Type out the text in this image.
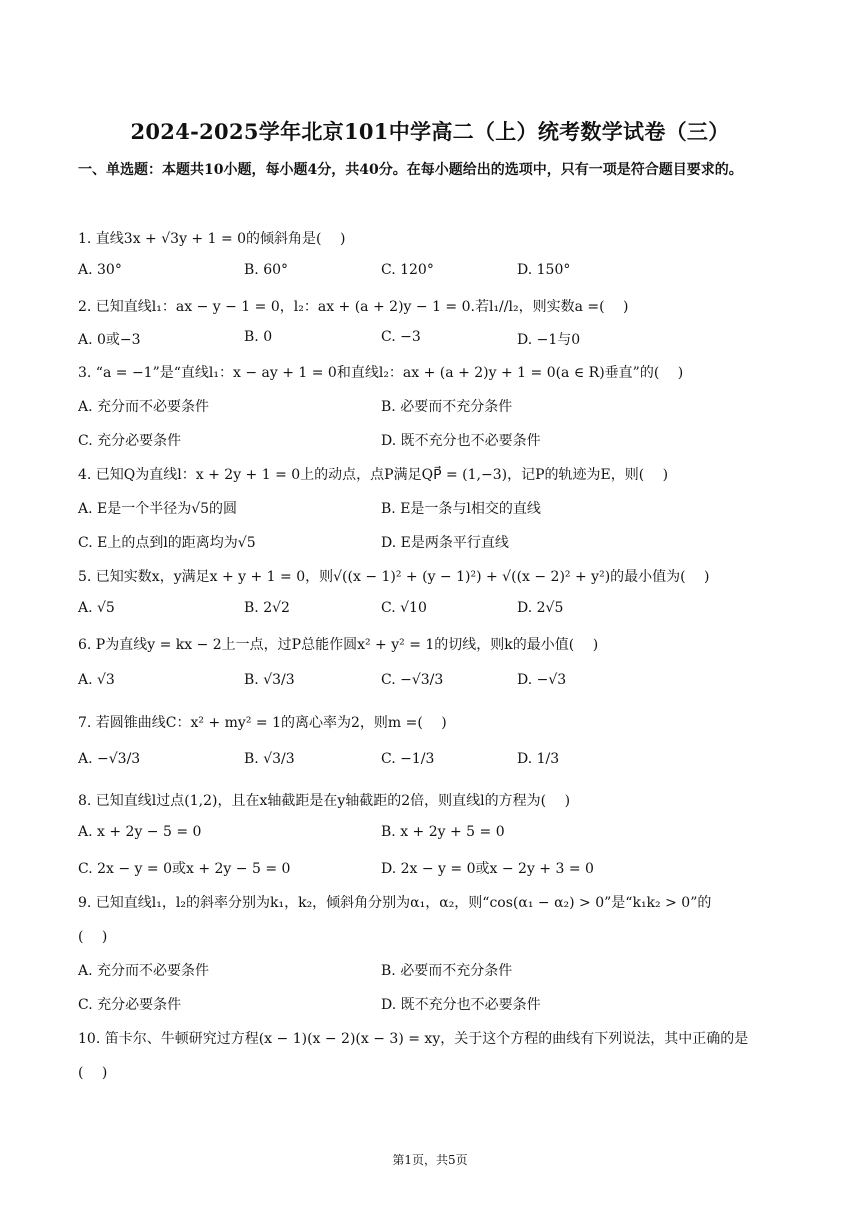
2024-2025学年北京101中学高二（上）统考数学试卷（三）
一、单选题：本题共10小题，每小题4分，共40分。在每小题给出的选项中，只有一项是符合题目要求的。
1. 直线3x + √3y + 1 = 0的倾斜角是(　 )
A. 30°	B. 60°	C. 120°	D. 150°
2. 已知直线l₁：ax − y − 1 = 0，l₂：ax + (a + 2)y − 1 = 0.若l₁//l₂，则实数a =(　 )
A. 0或−3	B. 0	C. −3	D. −1与0
3. “a = −1”是“直线l₁：x − ay + 1 = 0和直线l₂：ax + (a + 2)y + 1 = 0(a ∈ R)垂直”的(　 )
A. 充分而不必要条件	B. 必要而不充分条件
C. 充分必要条件	D. 既不充分也不必要条件
4. 已知Q为直线l：x + 2y + 1 = 0上的动点，点P满足QP⃗ = (1,−3)，记P的轨迹为E，则(　 )
A. E是一个半径为√5的圆	B. E是一条与l相交的直线
C. E上的点到l的距离均为√5	D. E是两条平行直线
5. 已知实数x，y满足x + y + 1 = 0，则√((x − 1)² + (y − 1)²) + √((x − 2)² + y²)的最小值为(　 )
A. √5	B. 2√2	C. √10	D. 2√5
6. P为直线y = kx − 2上一点，过P总能作圆x² + y² = 1的切线，则k的最小值(　 )
A. √3	B. √3/3	C. −√3/3	D. −√3
7. 若圆锥曲线C：x² + my² = 1的离心率为2，则m =(　 )
A. −√3/3	B. √3/3	C. −1/3	D. 1/3
8. 已知直线l过点(1,2)，且在x轴截距是在y轴截距的2倍，则直线l的方程为(　 )
A. x + 2y − 5 = 0	B. x + 2y + 5 = 0
C. 2x − y = 0或x + 2y − 5 = 0	D. 2x − y = 0或x − 2y + 3 = 0
9. 已知直线l₁，l₂的斜率分别为k₁，k₂，倾斜角分别为α₁，α₂，则“cos(α₁ − α₂) > 0”是“k₁k₂ > 0”的
(　 )
A. 充分而不必要条件	B. 必要而不充分条件
C. 充分必要条件	D. 既不充分也不必要条件
10. 笛卡尔、牛顿研究过方程(x − 1)(x − 2)(x − 3) = xy，关于这个方程的曲线有下列说法，其中正确的是
(　 )
第1页，共5页
